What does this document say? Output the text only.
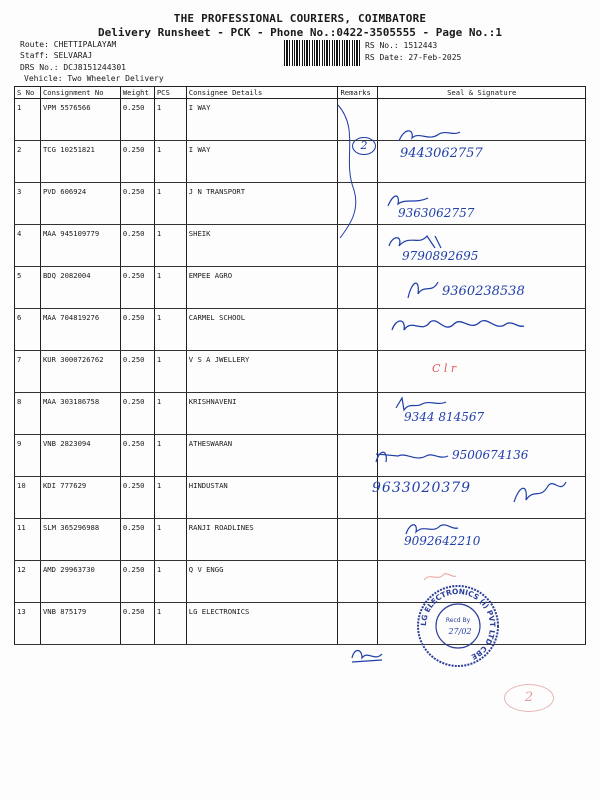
THE PROFESSIONAL COURIERS, COIMBATORE
Delivery Runsheet - PCK - Phone No.:0422-3505555 - Page No.:1
Route: CHETTIPALAYAM
Staff: SELVARAJ
DRS No.: DCJ8151244301
Vehicle: Two Wheeler Delivery
RS No.: 1512443
RS Date: 27-Feb-2025
S No	Consignment No	Weight	PCS	Consignee Details	Remarks	Seal & Signature
1	VPM 5576566	0.250	1	I WAY		
2	TCG 10251821	0.250	1	I WAY		
3	PVD 606924	0.250	1	J N TRANSPORT		
4	MAA 945109779	0.250	1	SHEIK		
5	BDQ 2082004	0.250	1	EMPEE AGRO		
6	MAA 704819276	0.250	1	CARMEL SCHOOL		
7	KUR 3000726762	0.250	1	V S A JWELLERY		
8	MAA 303186758	0.250	1	KRISHNAVENI		
9	VNB 2823094	0.250	1	ATHESWARAN		
10	KDI 777629	0.250	1	HINDUSTAN		
11	SLM 365296988	0.250	1	RANJI ROADLINES		
12	AMD 29963730	0.250	1	Q V ENGG		
13	VNB 875179	0.250	1	LG ELECTRONICS		
2
9443062757
9363062757
9790892695
9360238538
C l r
9344 814567
9500674136
9633020379
9092642210
LG ELECTRONICS (I) PVT LTD CBE
Recd By
27/02
2
